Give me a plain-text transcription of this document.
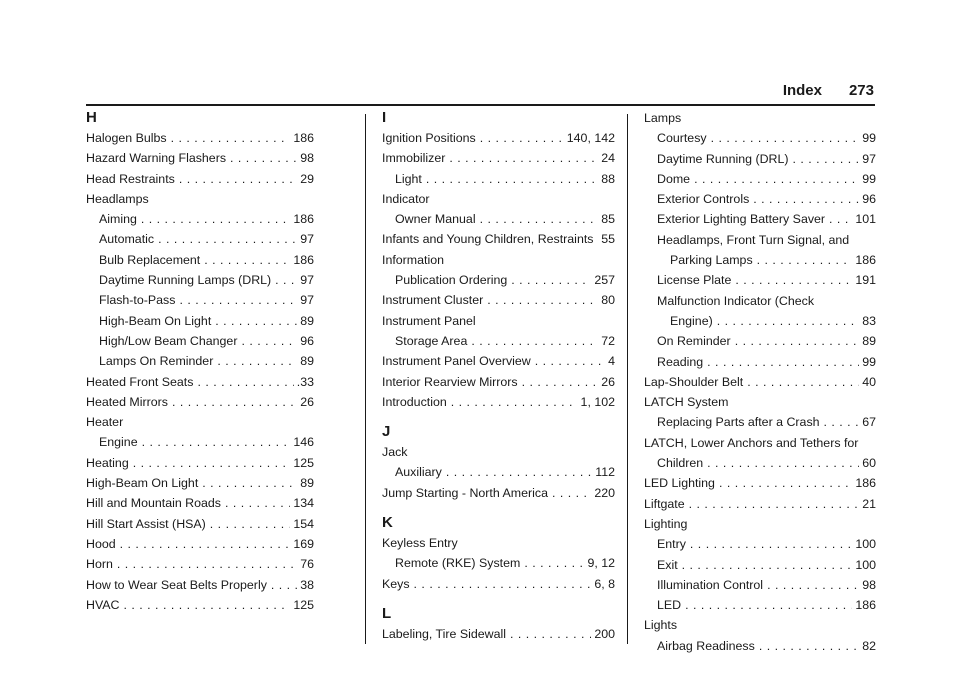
Index 273
H
Halogen Bulbs . . .	186
Hazard Warning Flashers . . .	98
Head Restraints . . .	29
Headlamps
Aiming . . .	186
Automatic . . .	97
Bulb Replacement . . .	186
Daytime Running Lamps (DRL) . . . 97
Flash-to-Pass . . .	97
High-Beam On Light . . .	89
High/Low Beam Changer . . .	96
Lamps On Reminder . . .	89
Heated Front Seats . . .	.33
Heated Mirrors . . .	26
Heater
Engine . . .	146
Heating . . .	125
High-Beam On Light . . .	89
Hill and Mountain Roads . . .	134
Hill Start Assist (HSA) . . .	154
Hood . . .	169
Horn . . .	76
How to Wear Seat Belts Properly . . .	38
HVAC . . .	125
I
Ignition Positions . . .	140, 142
Immobilizer . . .	24
Light . . .	88
Indicator
Owner Manual . . .	85
Infants and Young Children, Restraints . . . 55
Information
Publication Ordering . . .	257
Instrument Cluster . . .	80
Instrument Panel
Storage Area . . .	72
Instrument Panel Overview . . .	4
Interior Rearview Mirrors . . .	26
Introduction . . .	1, 102
J
Jack
Auxiliary . . .	112
Jump Starting - North America . . .	220
K
Keyless Entry
Remote (RKE) System . . .	9, 12
Keys . . .	6, 8
L
Labeling, Tire Sidewall . . .	200
Lamps
Courtesy . . .	99
Daytime Running (DRL) . . .	97
Dome . . .	99
Exterior Controls . . .	96
Exterior Lighting Battery Saver . . . 101
Headlamps, Front Turn Signal, and
Parking Lamps . . .	186
License Plate . . .	191
Malfunction Indicator (Check
Engine) . . .	83
On Reminder . . .	89
Reading . . .	99
Lap-Shoulder Belt . . .	40
LATCH System
Replacing Parts after a Crash . . .	67
LATCH, Lower Anchors and Tethers for
Children . . .	60
LED Lighting . . .	186
Liftgate . . .	21
Lighting
Entry . . .	100
Exit . . .	100
Illumination Control . . .	98
LED . . .	186
Lights
Airbag Readiness . . .	82
